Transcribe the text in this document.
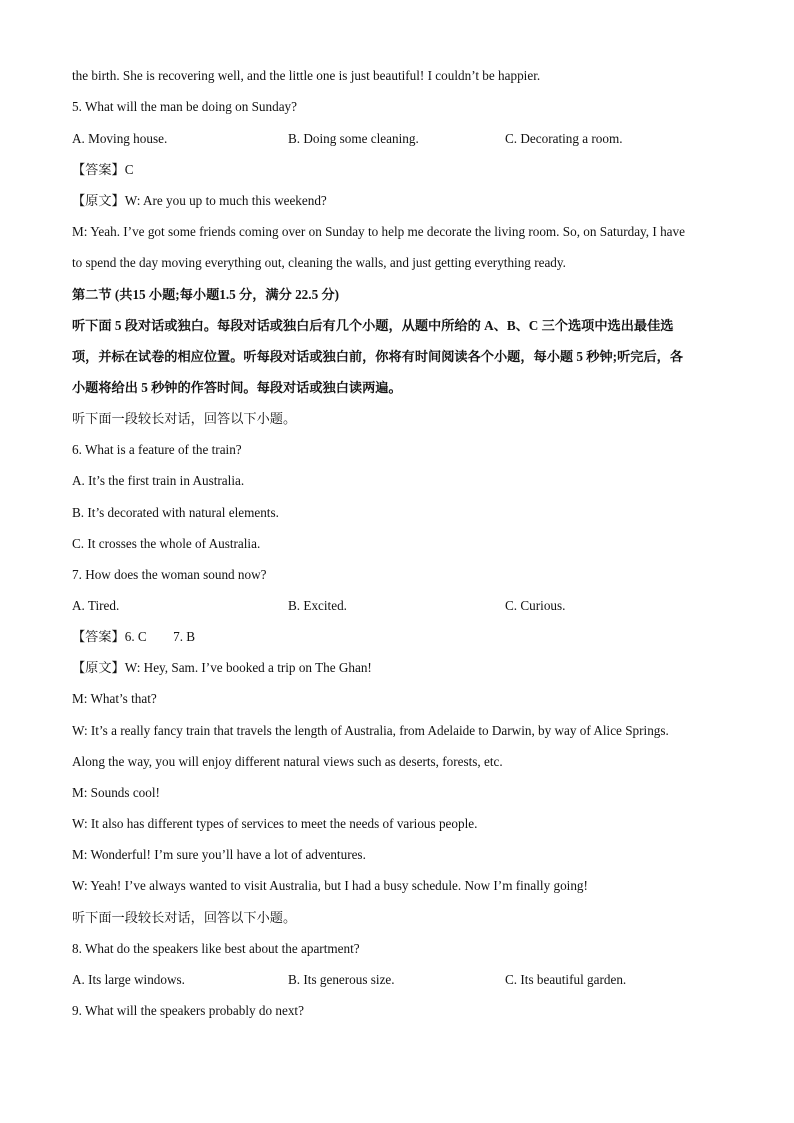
the birth. She is recovering well, and the little one is just beautiful! I couldn’t be happier.
5. What will the man be doing on Sunday?
A. Moving house.	B. Doing some cleaning.	C. Decorating a room.
【答案】C
【原文】W: Are you up to much this weekend?
M: Yeah. I’ve got some friends coming over on Sunday to help me decorate the living room. So, on Saturday, I have
to spend the day moving everything out, cleaning the walls, and just getting everything ready.
第二节 (共15 小题;每小题1.5 分，满分 22.5 分)
听下面 5 段对话或独白。每段对话或独白后有几个小题，从题中所给的 A、B、C 三个选项中选出最佳选
项，并标在试卷的相应位置。听每段对话或独白前，你将有时间阅读各个小题，每小题 5 秒钟;听完后，各
小题将给出 5 秒钟的作答时间。每段对话或独白读两遍。
听下面一段较长对话，回答以下小题。
6. What is a feature of the train?
A. It’s the first train in Australia.
B. It’s decorated with natural elements.
C. It crosses the whole of Australia.
7. How does the woman sound now?
A. Tired.	B. Excited.	C. Curious.
【答案】6. C        7. B
【原文】W: Hey, Sam. I’ve booked a trip on The Ghan!
M: What’s that?
W: It’s a really fancy train that travels the length of Australia, from Adelaide to Darwin, by way of Alice Springs.
Along the way, you will enjoy different natural views such as deserts, forests, etc.
M: Sounds cool!
W: It also has different types of services to meet the needs of various people.
M: Wonderful! I’m sure you’ll have a lot of adventures.
W: Yeah! I’ve always wanted to visit Australia, but I had a busy schedule. Now I’m finally going!
听下面一段较长对话，回答以下小题。
8. What do the speakers like best about the apartment?
A. Its large windows.	B. Its generous size.	C. Its beautiful garden.
9. What will the speakers probably do next?
